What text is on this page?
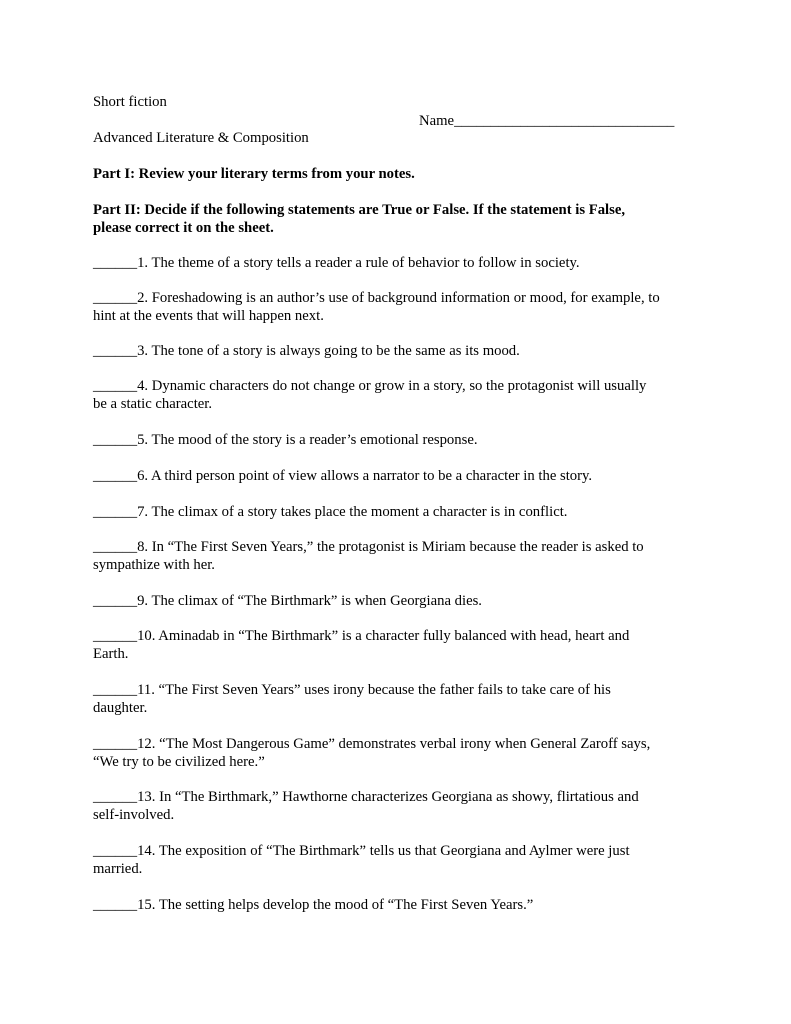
Short fiction
Name______________________________
Advanced Literature & Composition
Part I: Review your literary terms from your notes.
Part II: Decide if the following statements are True or False. If the statement is False,
please correct it on the sheet.
______1. The theme of a story tells a reader a rule of behavior to follow in society.
______2. Foreshadowing is an author’s use of background information or mood, for example, to
hint at the events that will happen next.
______3. The tone of a story is always going to be the same as its mood.
______4. Dynamic characters do not change or grow in a story, so the protagonist will usually
be a static character.
______5. The mood of the story is a reader’s emotional response.
______6. A third person point of view allows a narrator to be a character in the story.
______7. The climax of a story takes place the moment a character is in conflict.
______8. In “The First Seven Years,” the protagonist is Miriam because the reader is asked to
sympathize with her.
______9. The climax of “The Birthmark” is when Georgiana dies.
______10. Aminadab in “The Birthmark” is a character fully balanced with head, heart and
Earth.
______11. “The First Seven Years” uses irony because the father fails to take care of his
daughter.
______12. “The Most Dangerous Game” demonstrates verbal irony when General Zaroff says,
“We try to be civilized here.”
______13. In “The Birthmark,” Hawthorne characterizes Georgiana as showy, flirtatious and
self-involved.
______14. The exposition of “The Birthmark” tells us that Georgiana and Aylmer were just
married.
______15. The setting helps develop the mood of “The First Seven Years.”
